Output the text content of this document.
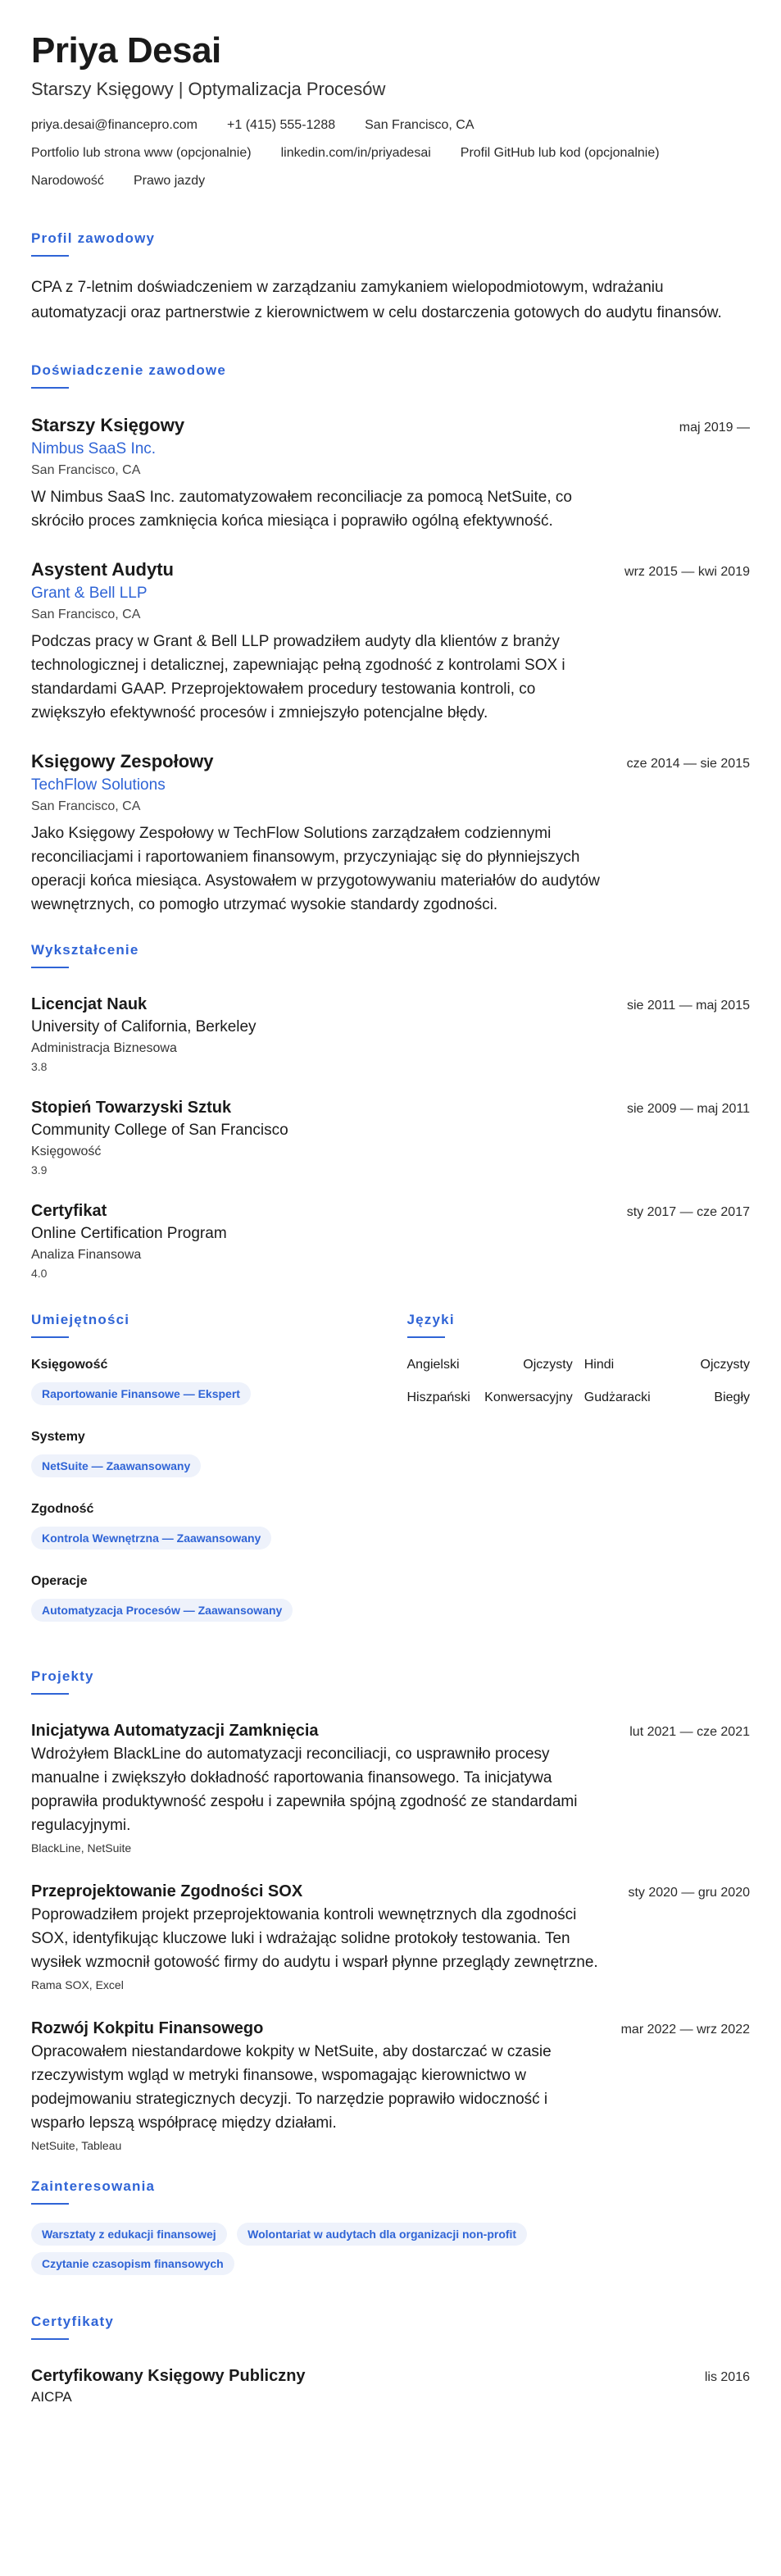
Priya Desai
Starszy Księgowy | Optymalizacja Procesów
priya.desai@financepro.com +1 (415) 555-1288 San Francisco, CA
Portfolio lub strona www (opcjonalnie) linkedin.com/in/priyadesai Profil GitHub lub kod (opcjonalnie)
Narodowość Prawo jazdy
Profil zawodowy
CPA z 7-letnim doświadczeniem w zarządzaniu zamykaniem wielopodmiotowym, wdrażaniu automatyzacji oraz partnerstwie z kierownictwem w celu dostarczenia gotowych do audytu finansów.
Doświadczenie zawodowe
Starszy Księgowy	maj 2019 —
Nimbus SaaS Inc.
San Francisco, CA
W Nimbus SaaS Inc. zautomatyzowałem reconciliacje za pomocą NetSuite, co skróciło proces zamknięcia końca miesiąca i poprawiło ogólną efektywność.
Asystent Audytu	wrz 2015 — kwi 2019
Grant & Bell LLP
San Francisco, CA
Podczas pracy w Grant & Bell LLP prowadziłem audyty dla klientów z branży technologicznej i detalicznej, zapewniając pełną zgodność z kontrolami SOX i standardami GAAP. Przeprojektowałem procedury testowania kontroli, co zwiększyło efektywność procesów i zmniejszyło potencjalne błędy.
Księgowy Zespołowy	cze 2014 — sie 2015
TechFlow Solutions
San Francisco, CA
Jako Księgowy Zespołowy w TechFlow Solutions zarządzałem codziennymi reconciliacjami i raportowaniem finansowym, przyczyniając się do płynniejszych operacji końca miesiąca. Asystowałem w przygotowywaniu materiałów do audytów wewnętrznych, co pomogło utrzymać wysokie standardy zgodności.
Wykształcenie
Licencjat Nauk	sie 2011 — maj 2015
University of California, Berkeley
Administracja Biznesowa
3.8
Stopień Towarzyski Sztuk	sie 2009 — maj 2011
Community College of San Francisco
Księgowość
3.9
Certyfikat	sty 2017 — cze 2017
Online Certification Program
Analiza Finansowa
4.0
Umiejętności
Księgowość
Raportowanie Finansowe — Ekspert
Systemy
NetSuite — Zaawansowany
Zgodność
Kontrola Wewnętrzna — Zaawansowany
Operacje
Automatyzacja Procesów — Zaawansowany
Języki
Angielski	Ojczysty Hindi	Ojczysty
Hiszpański Konwersacyjny Gudżaracki	Biegły
Projekty
Inicjatywa Automatyzacji Zamknięcia	lut 2021 — cze 2021
Wdrożyłem BlackLine do automatyzacji reconciliacji, co usprawniło procesy manualne i zwiększyło dokładność raportowania finansowego. Ta inicjatywa poprawiła produktywność zespołu i zapewniła spójną zgodność ze standardami regulacyjnymi.
BlackLine, NetSuite
Przeprojektowanie Zgodności SOX	sty 2020 — gru 2020
Poprowadziłem projekt przeprojektowania kontroli wewnętrznych dla zgodności SOX, identyfikując kluczowe luki i wdrażając solidne protokoły testowania. Ten wysiłek wzmocnił gotowość firmy do audytu i wsparł płynne przeglądy zewnętrzne.
Rama SOX, Excel
Rozwój Kokpitu Finansowego	mar 2022 — wrz 2022
Opracowałem niestandardowe kokpity w NetSuite, aby dostarczać w czasie rzeczywistym wgląd w metryki finansowe, wspomagając kierownictwo w podejmowaniu strategicznych decyzji. To narzędzie poprawiło widoczność i wsparło lepszą współpracę między działami.
NetSuite, Tableau
Zainteresowania
Warsztaty z edukacji finansowej	Wolontariat w audytach dla organizacji non-profit Czytanie czasopism finansowych
Certyfikaty
Certyfikowany Księgowy Publiczny	lis 2016
AICPA
